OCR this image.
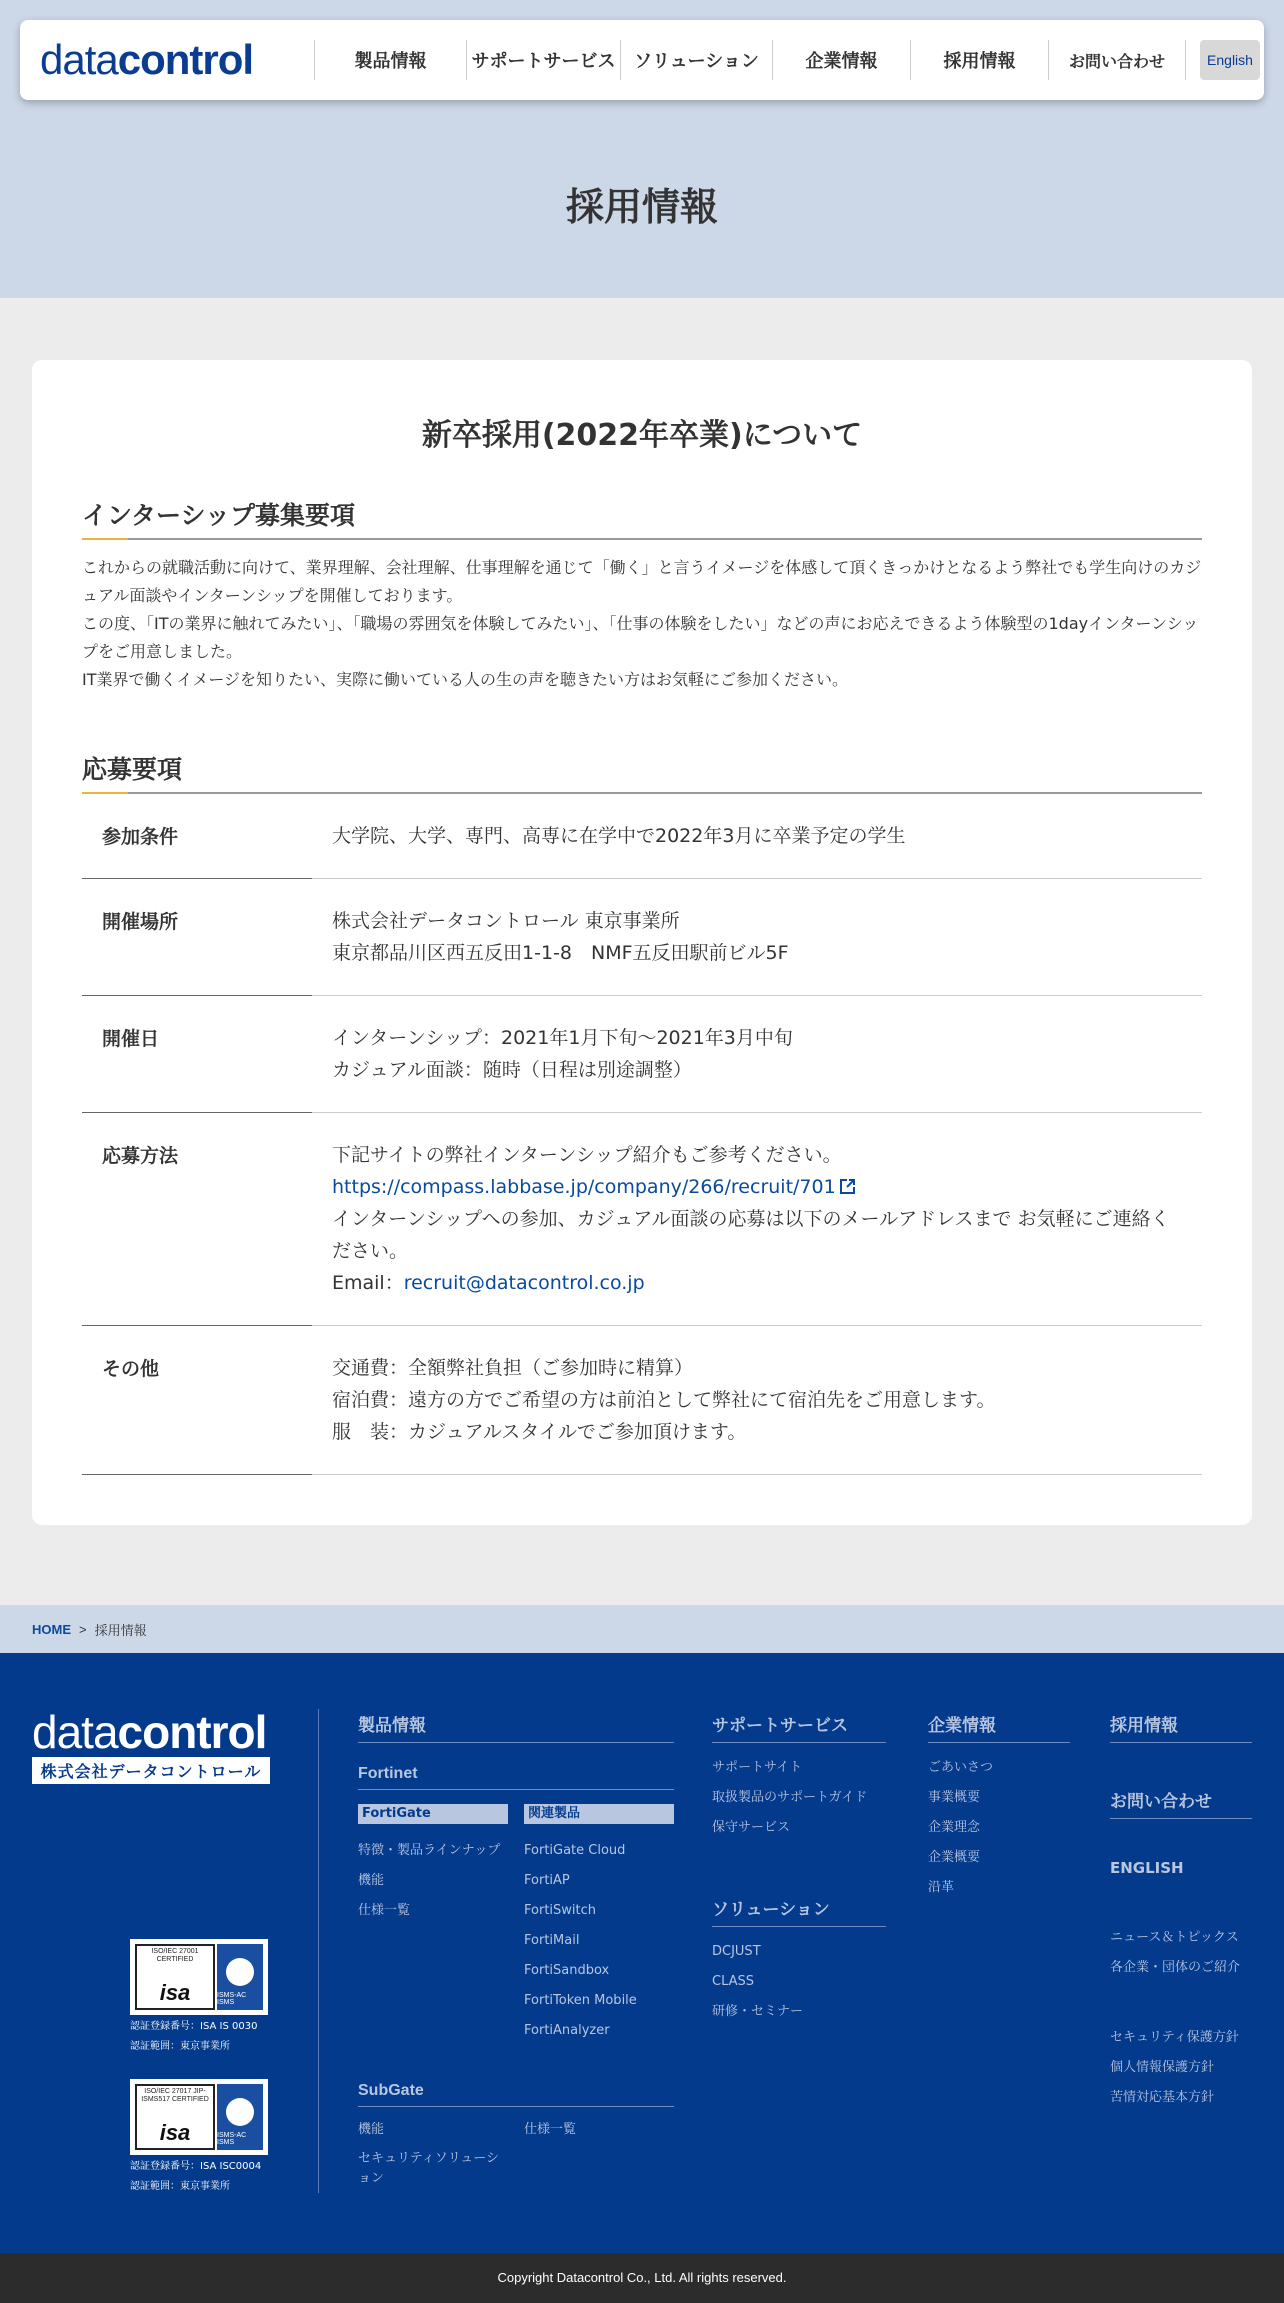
data control	製品情報	サポートサービス	ソリューション	企業情報	採用情報	お問い合わせ	English
採用情報
新卒採用(2022年卒業)について
インターシップ募集要項

これからの就職活動に向けて、業界理解、会社理解、仕事理解を通じて「働く」と言うイメージを体感して頂くきっかけとなるよう弊社でも学生向けのカジュアル面談やインターンシップを開催しております。

この度、「ITの業界に触れてみたい」、「職場の雰囲気を体験してみたい」、「仕事の体験をしたい」などの声にお応えできるよう体験型の1dayインターンシップをご用意しました。

IT業界で働くイメージを知りたい、実際に働いている人の生の声を聴きたい方はお気軽にご参加ください。

応募要項
参加条件	大学院、大学、専門、高専に在学中で2022年3月に卒業予定の学生
開催場所	株式会社データコントロール 東京事業所
東京都品川区西五反田1-1-8　NMF五反田駅前ビル5F
開催日	インターンシップ：2021年1月下旬～2021年3月中旬
カジュアル面談：随時（日程は別途調整）
応募方法	下記サイトの弊社インターンシップ紹介もご参考ください。
https://compass.labbase.jp/company/266/recruit/701
インターンシップへの参加、カジュアル面談の応募は以下のメールアドレスまで お気軽にご連絡ください。
Email：recruit@datacontrol.co.jp
その他	交通費：全額弊社負担（ご参加時に精算）
宿泊費：遠方の方でご希望の方は前泊として弊社にて宿泊先をご用意します。
服　装：カジュアルスタイルでご参加頂けます。
HOME > 採用情報
datacontrol
株式会社データコントロール
ISO/IEC 27001 CERTIFIED
isa	ISMS-AC ISMS
認証登録番号：ISA IS 0030
認証範囲：東京事業所
ISO/IEC 27017 JIP-ISMS517 CERTIFIED
isa	ISMS-AC ISMS
認証登録番号：ISA ISC0004
認証範囲：東京事業所
製品情報
Fortinet
FortiGate
特徴・製品ラインナップ
機能
仕様一覧
関連製品
FortiGate Cloud
FortiAP
FortiSwitch
FortiMail
FortiSandbox
FortiToken Mobile
FortiAnalyzer
SubGate
機能
セキュリティソリューション
仕様一覧
サポートサービス
サポートサイト
取扱製品のサポートガイド
保守サービス
ソリューション
DCJUST
CLASS
研修・セミナー
企業情報
ごあいさつ
事業概要
企業理念
企業概要
沿革
採用情報
お問い合わせ
ENGLISH
ニュース＆トピックス
各企業・団体のご紹介
セキュリティ保護方針
個人情報保護方針
苦情対応基本方針
Copyright Datacontrol Co., Ltd. All rights reserved.
